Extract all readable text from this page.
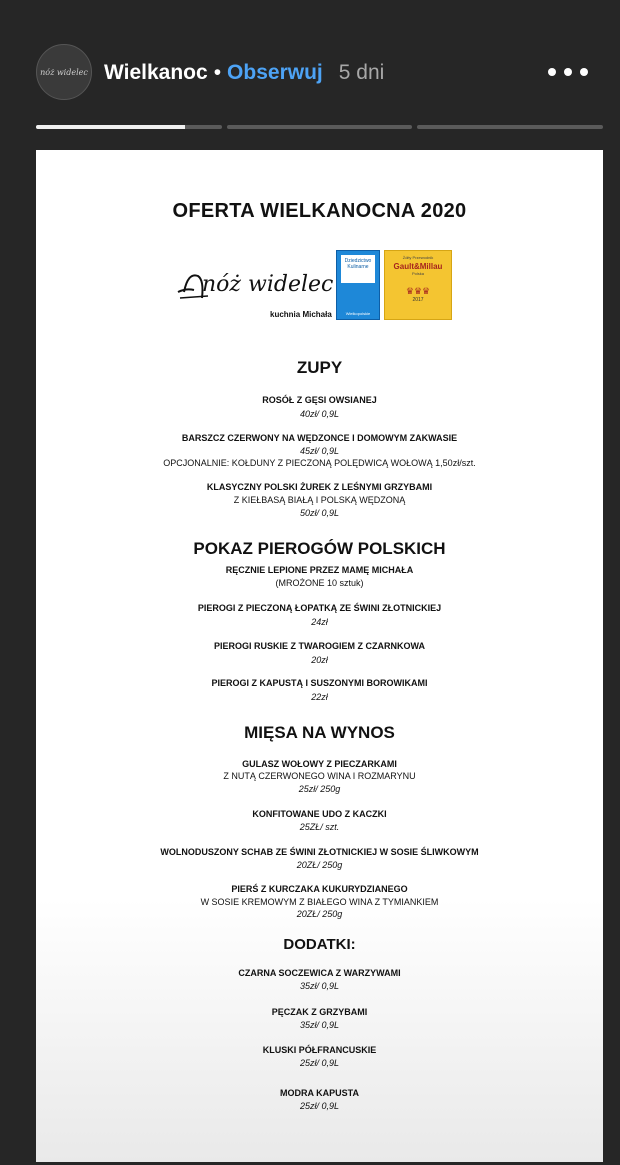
nóż widelec Wielkanoc • Obserwuj 5 dni
OFERTA WIELKANOCNA 2020
nóż widelec
kuchnia Michała
Dziedzictwo Kulinarne
Wielkopolskie
Żółty Przewodnik
Gault&Millau
Polska
♛♛♛
2017
ZUPY
ROSÓŁ Z GĘSI OWSIANEJ
40zł/ 0,9L
BARSZCZ CZERWONY NA WĘDZONCE I DOMOWYM ZAKWASIE
45zł/ 0,9L
OPCJONALNIE: KOŁDUNY Z PIECZONĄ POLĘDWICĄ WOŁOWĄ 1,50zł/szt.
KLASYCZNY POLSKI ŻUREK Z LEŚNYMI GRZYBAMI
Z KIEŁBASĄ BIAŁĄ I POLSKĄ WĘDZONĄ
50zł/ 0,9L
POKAZ PIEROGÓW POLSKICH
RĘCZNIE LEPIONE PRZEZ MAMĘ MICHAŁA
(MROŻONE 10 sztuk)
PIEROGI Z PIECZONĄ ŁOPATKĄ ZE ŚWINI ZŁOTNICKIEJ
24zł
PIEROGI RUSKIE Z TWAROGIEM Z CZARNKOWA
20zł
PIEROGI Z KAPUSTĄ I SUSZONYMI BOROWIKAMI
22zł
MIĘSA NA WYNOS
GULASZ WOŁOWY Z PIECZARKAMI
Z NUTĄ CZERWONEGO WINA I ROZMARYNU
25zł/ 250g
KONFITOWANE UDO Z KACZKI
25ZŁ/ szt.
WOLNODUSZONY SCHAB ZE ŚWINI ZŁOTNICKIEJ W SOSIE ŚLIWKOWYM
20ZŁ/ 250g
PIERŚ Z KURCZAKA KUKURYDZIANEGO
W SOSIE KREMOWYM Z BIAŁEGO WINA Z TYMIANKIEM
20ZŁ/ 250g
DODATKI:
CZARNA SOCZEWICA Z WARZYWAMI
35zł/ 0,9L
PĘCZAK Z GRZYBAMI
35zł/ 0,9L
KLUSKI PÓŁFRANCUSKIE
25zł/ 0,9L
MODRA KAPUSTA
25zł/ 0,9L
